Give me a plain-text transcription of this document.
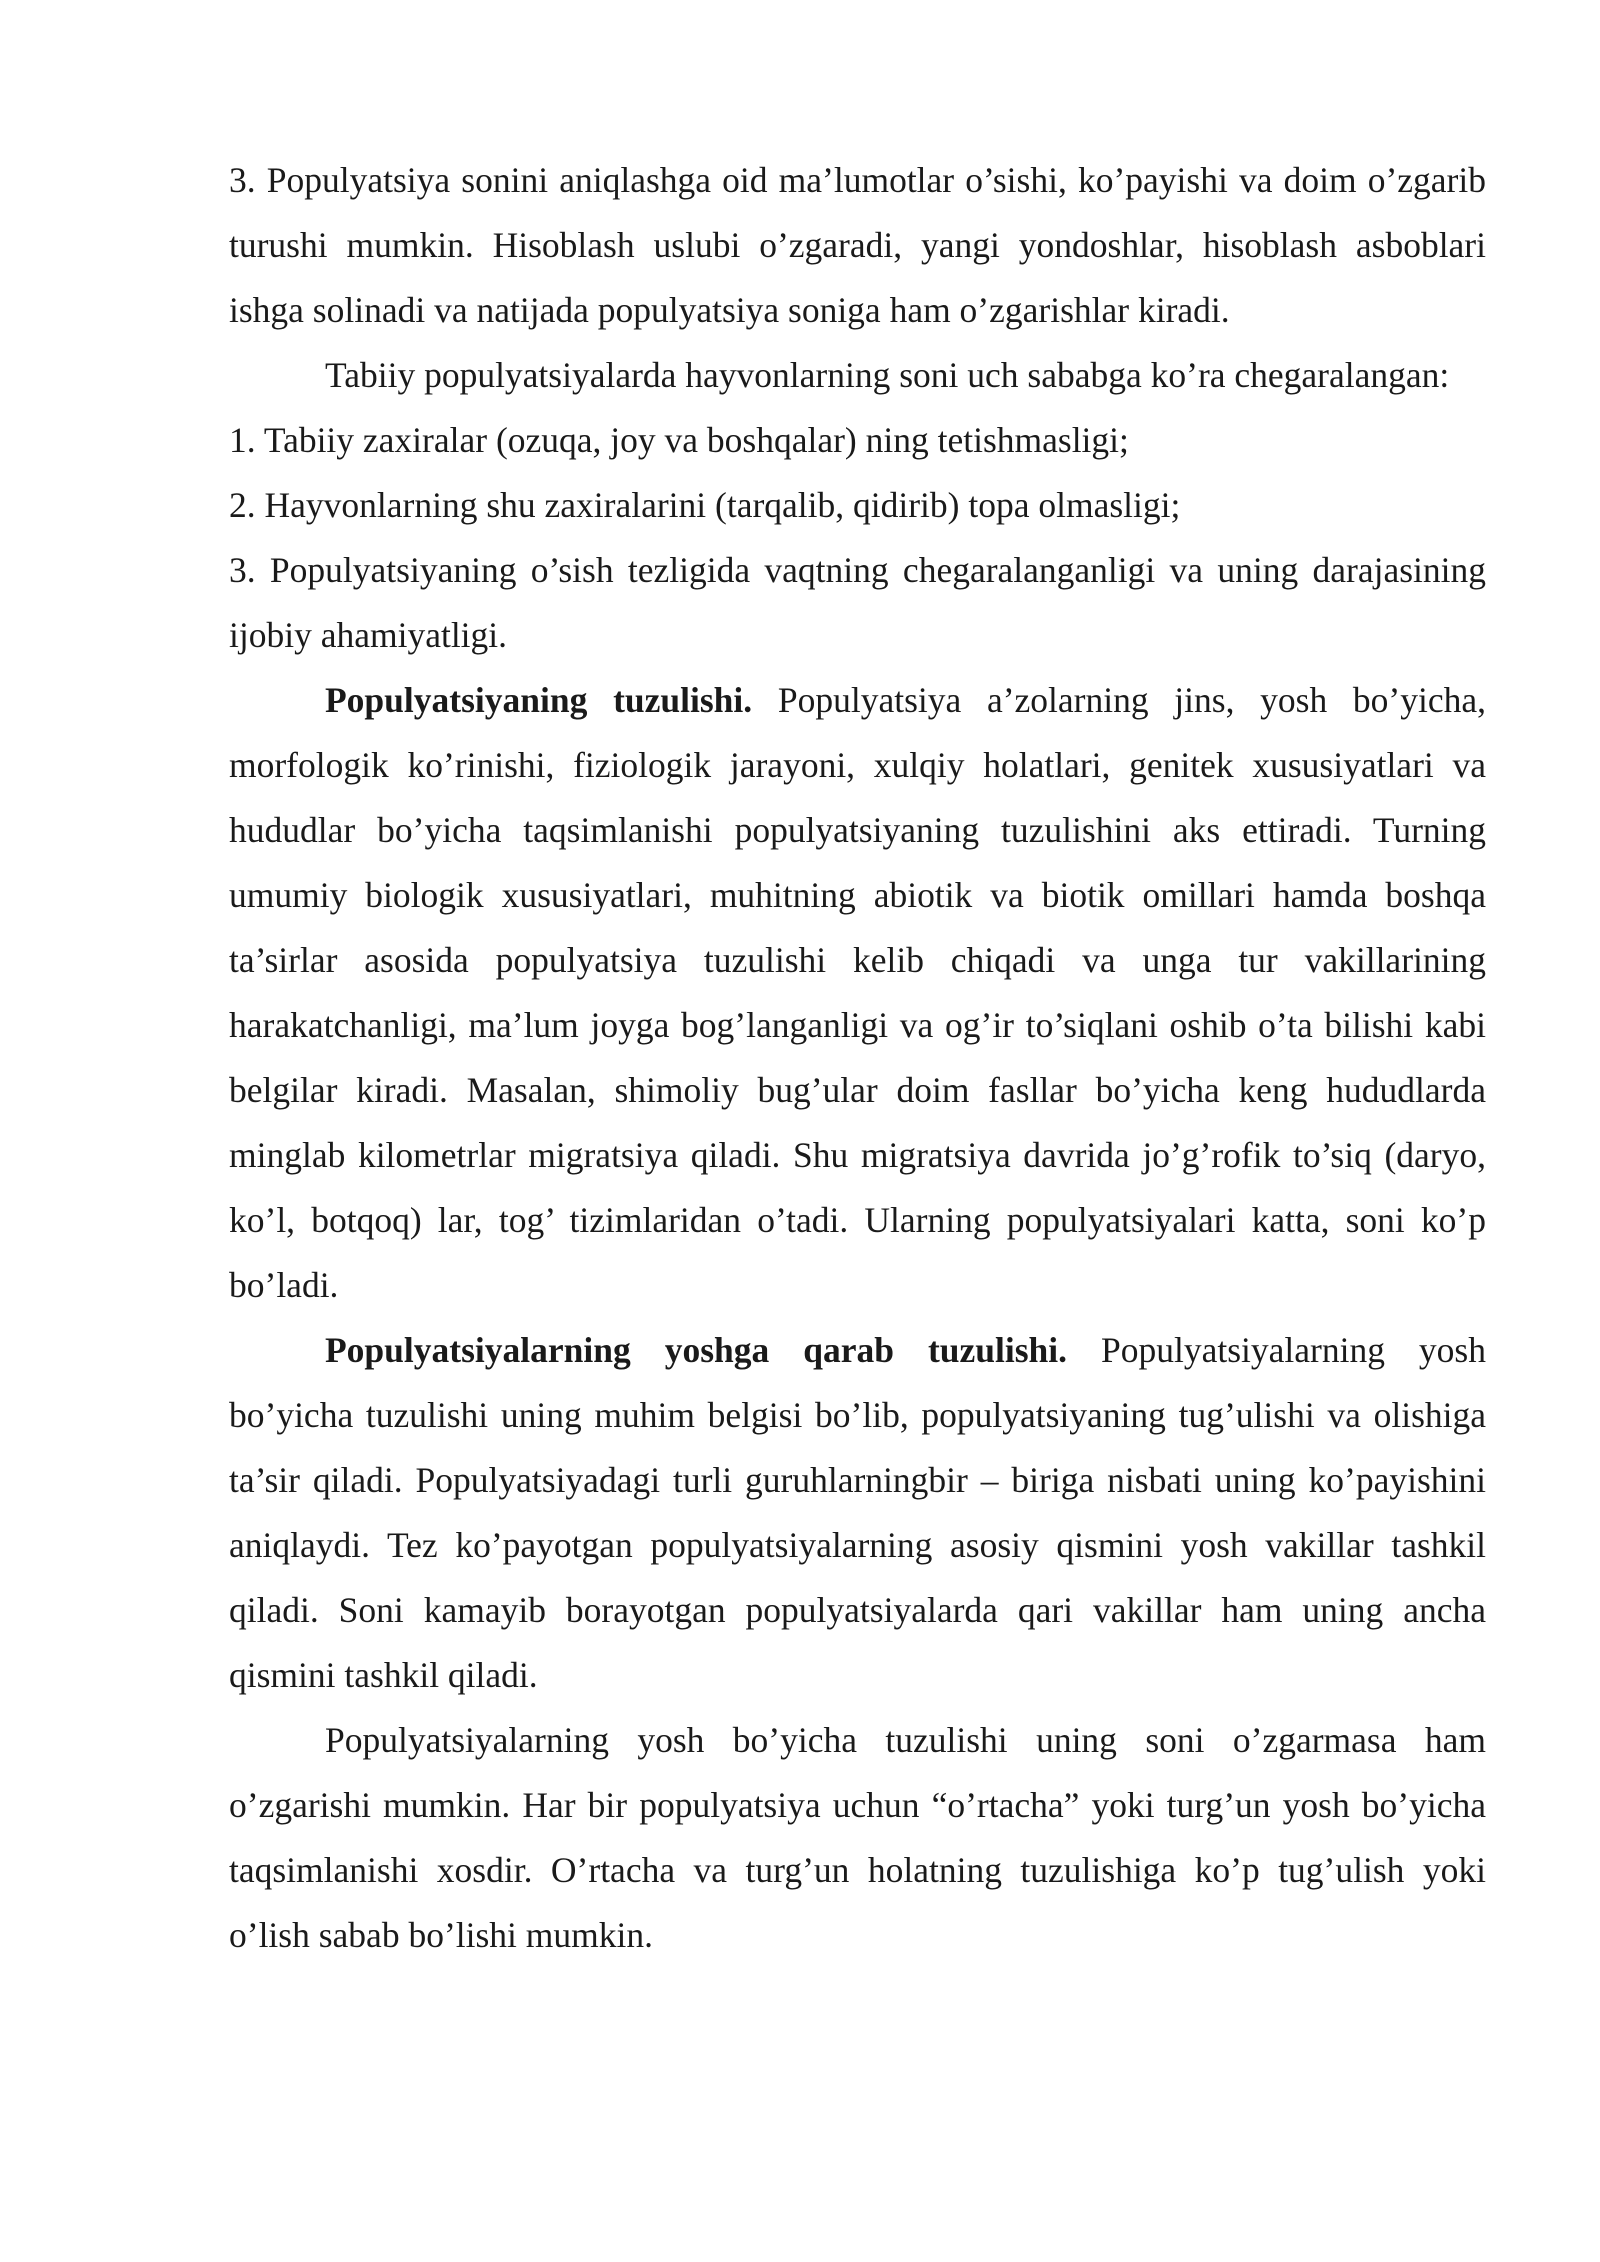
3. Populyatsiya sonini aniqlashga oid ma’lumotlar o’sishi, ko’payishi va doim o’zgarib turushi mumkin. Hisoblash uslubi o’zgaradi, yangi yondoshlar, hisoblash asboblari ishga solinadi va natijada populyatsiya soniga ham o’zgarishlar kiradi.

Tabiiy populyatsiyalarda hayvonlarning soni uch sababga ko’ra chegaralangan:

1. Tabiiy zaxiralar (ozuqa, joy va boshqalar) ning tetishmasligi;

2. Hayvonlarning shu zaxiralarini (tarqalib, qidirib) topa olmasligi;

3. Populyatsiyaning o’sish tezligida vaqtning chegaralanganligi va uning darajasining ijobiy ahamiyatligi.

Populyatsiyaning tuzulishi. Populyatsiya a’zolarning jins, yosh bo’yicha, morfologik ko’rinishi, fiziologik jarayoni, xulqiy holatlari, genitek xususiyatlari va hududlar bo’yicha taqsimlanishi populyatsiyaning tuzulishini aks ettiradi. Turning umumiy biologik xususiyatlari, muhitning abiotik va biotik omillari hamda boshqa ta’sirlar asosida populyatsiya tuzulishi kelib chiqadi va unga tur vakillarining harakatchanligi, ma’lum joyga bog’langanligi va og’ir to’siqlani oshib o’ta bilishi kabi belgilar kiradi. Masalan, shimoliy bug’ular doim fasllar bo’yicha keng hududlarda minglab kilometrlar migratsiya qiladi. Shu migratsiya davrida jo’g’rofik to’siq (daryo, ko’l, botqoq) lar, tog’ tizimlaridan o’tadi. Ularning populyatsiyalari katta, soni ko’p bo’ladi.

Populyatsiyalarning yoshga qarab tuzulishi. Populyatsiyalarning yosh bo’yicha tuzulishi uning muhim belgisi bo’lib, populyatsiyaning tug’ulishi va olishiga ta’sir qiladi. Populyatsiyadagi turli guruhlarningbir – biriga nisbati uning ko’payishini aniqlaydi. Tez ko’payotgan populyatsiyalarning asosiy qismini yosh vakillar tashkil qiladi. Soni kamayib borayotgan populyatsiyalarda qari vakillar ham uning ancha qismini tashkil qiladi.

Populyatsiyalarning yosh bo’yicha tuzulishi uning soni o’zgarmasa ham o’zgarishi mumkin. Har bir populyatsiya uchun “o’rtacha” yoki turg’un yosh bo’yicha taqsimlanishi xosdir. O’rtacha va turg’un holatning tuzulishiga ko’p tug’ulish yoki o’lish sabab bo’lishi mumkin.
